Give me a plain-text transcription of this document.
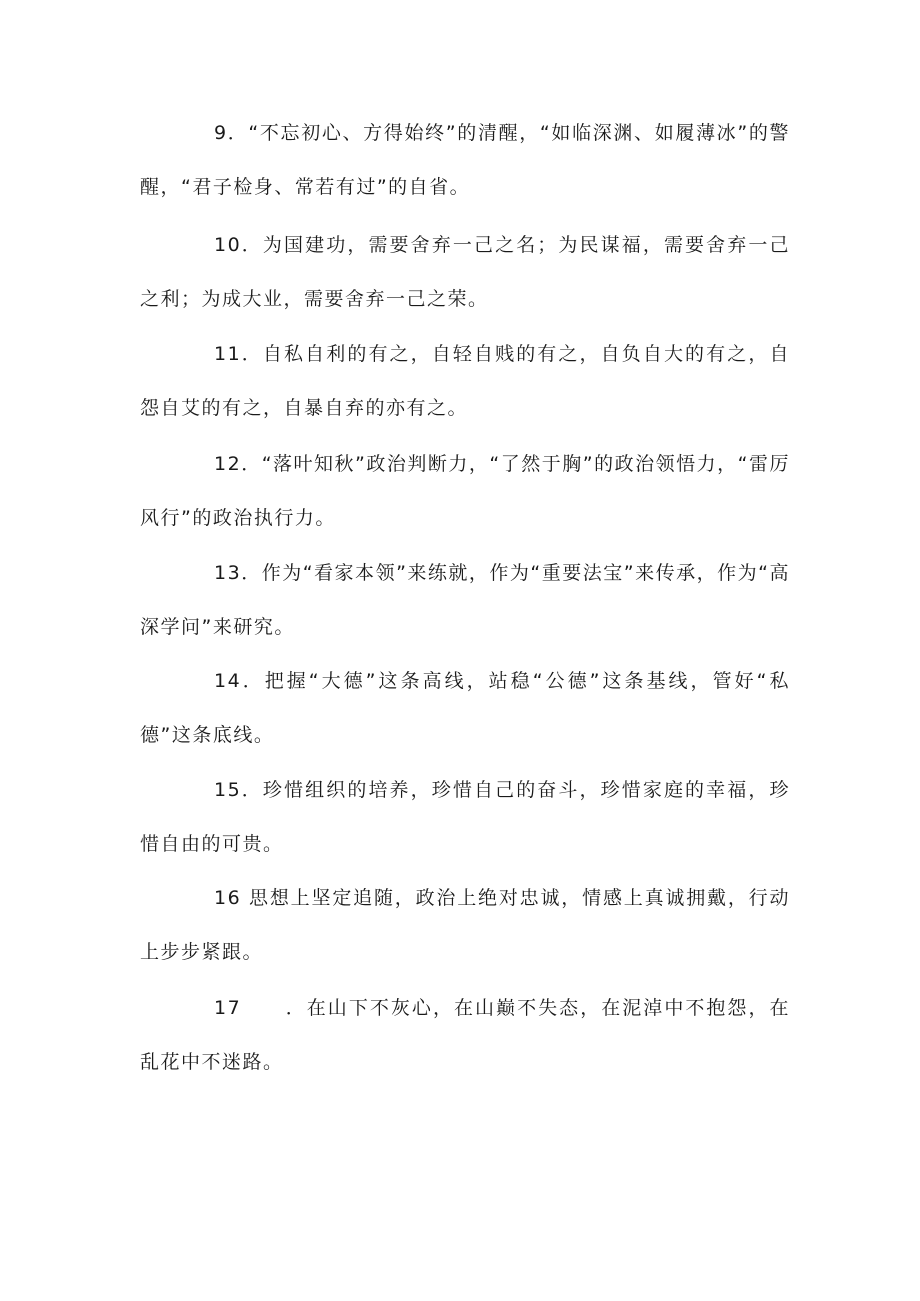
9．“不忘初心、方得始终”的清醒，“如临深渊、如履薄冰”的警醒，“君子检身、常若有过”的自省。

10．为国建功，需要舍弃一己之名；为民谋福，需要舍弃一己之利；为成大业，需要舍弃一己之荣。

11．自私自利的有之，自轻自贱的有之，自负自大的有之，自怨自艾的有之，自暴自弃的亦有之。

12．“落叶知秋”政治判断力，“了然于胸”的政治领悟力，“雷厉风行”的政治执行力。

13．作为“看家本领”来练就，作为“重要法宝”来传承，作为“高深学问”来研究。

14．把握“大德”这条高线，站稳“公德”这条基线，管好“私德”这条底线。

15．珍惜组织的培养，珍惜自己的奋斗，珍惜家庭的幸福，珍惜自由的可贵。

16 思想上坚定追随，政治上绝对忠诚，情感上真诚拥戴，行动上步步紧跟。

17 ．在山下不灰心，在山巅不失态，在泥淖中不抱怨，在乱花中不迷路。
